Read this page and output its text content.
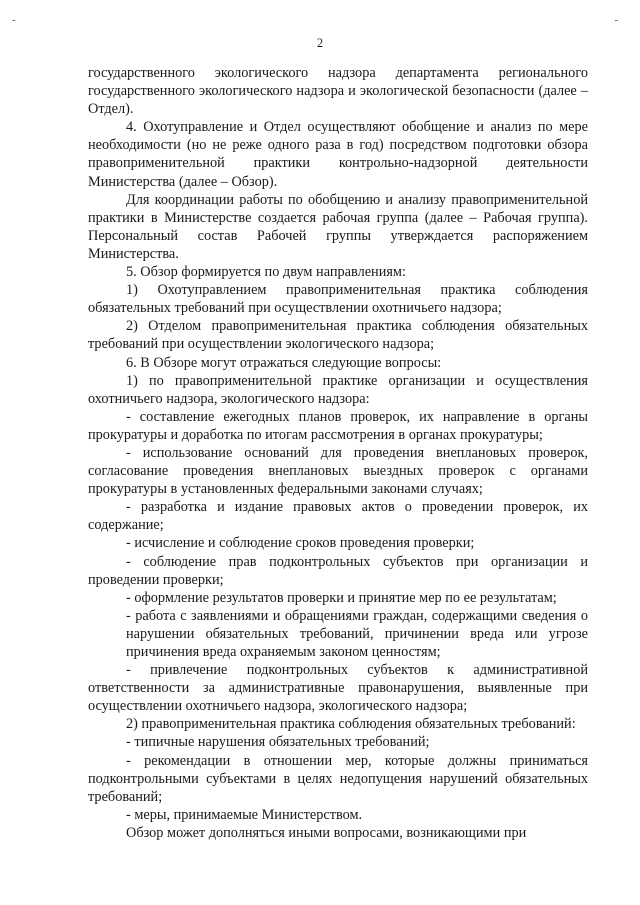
-	-
2

государственного экологического надзора департамента регионального государственного экологического надзора и экологической безопасности (далее – Отдел).

4. Охотуправление и Отдел осуществляют обобщение и анализ по мере необходимости (но не реже одного раза в год) посредством подготовки обзора правоприменительной практики контрольно-надзорной деятельности Министерства (далее – Обзор).

Для координации работы по обобщению и анализу правоприменительной практики в Министерстве создается рабочая группа (далее – Рабочая группа). Персональный состав Рабочей группы утверждается распоряжением Министерства.

5. Обзор формируется по двум направлениям:

1) Охотуправлением правоприменительная практика соблюдения обязательных требований при осуществлении охотничьего надзора;

2) Отделом правоприменительная практика соблюдения обязательных требований при осуществлении экологического надзора;

6. В Обзоре могут отражаться следующие вопросы:

1) по правоприменительной практике организации и осуществления охотничьего надзора, экологического надзора:

- составление ежегодных планов проверок, их направление в органы прокуратуры и доработка по итогам рассмотрения в органах прокуратуры;

- использование оснований для проведения внеплановых проверок, согласование проведения внеплановых выездных проверок с органами прокуратуры в установленных федеральными законами случаях;

- разработка и издание правовых актов о проведении проверок, их содержание;

- исчисление и соблюдение сроков проведения проверки;

- соблюдение прав подконтрольных субъектов при организации и проведении проверки;

- оформление результатов проверки и принятие мер по ее результатам;

- работа с заявлениями и обращениями граждан, содержащими сведения о нарушении обязательных требований, причинении вреда или угрозе причинения вреда охраняемым законом ценностям;

- привлечение подконтрольных субъектов к административной ответственности за административные правонарушения, выявленные при осуществлении охотничьего надзора, экологического надзора;

2) правоприменительная практика соблюдения обязательных требований:

- типичные нарушения обязательных требований;

- рекомендации в отношении мер, которые должны приниматься подконтрольными субъектами в целях недопущения нарушений обязательных требований;

- меры, принимаемые Министерством.

Обзор может дополняться иными вопросами, возникающими при
